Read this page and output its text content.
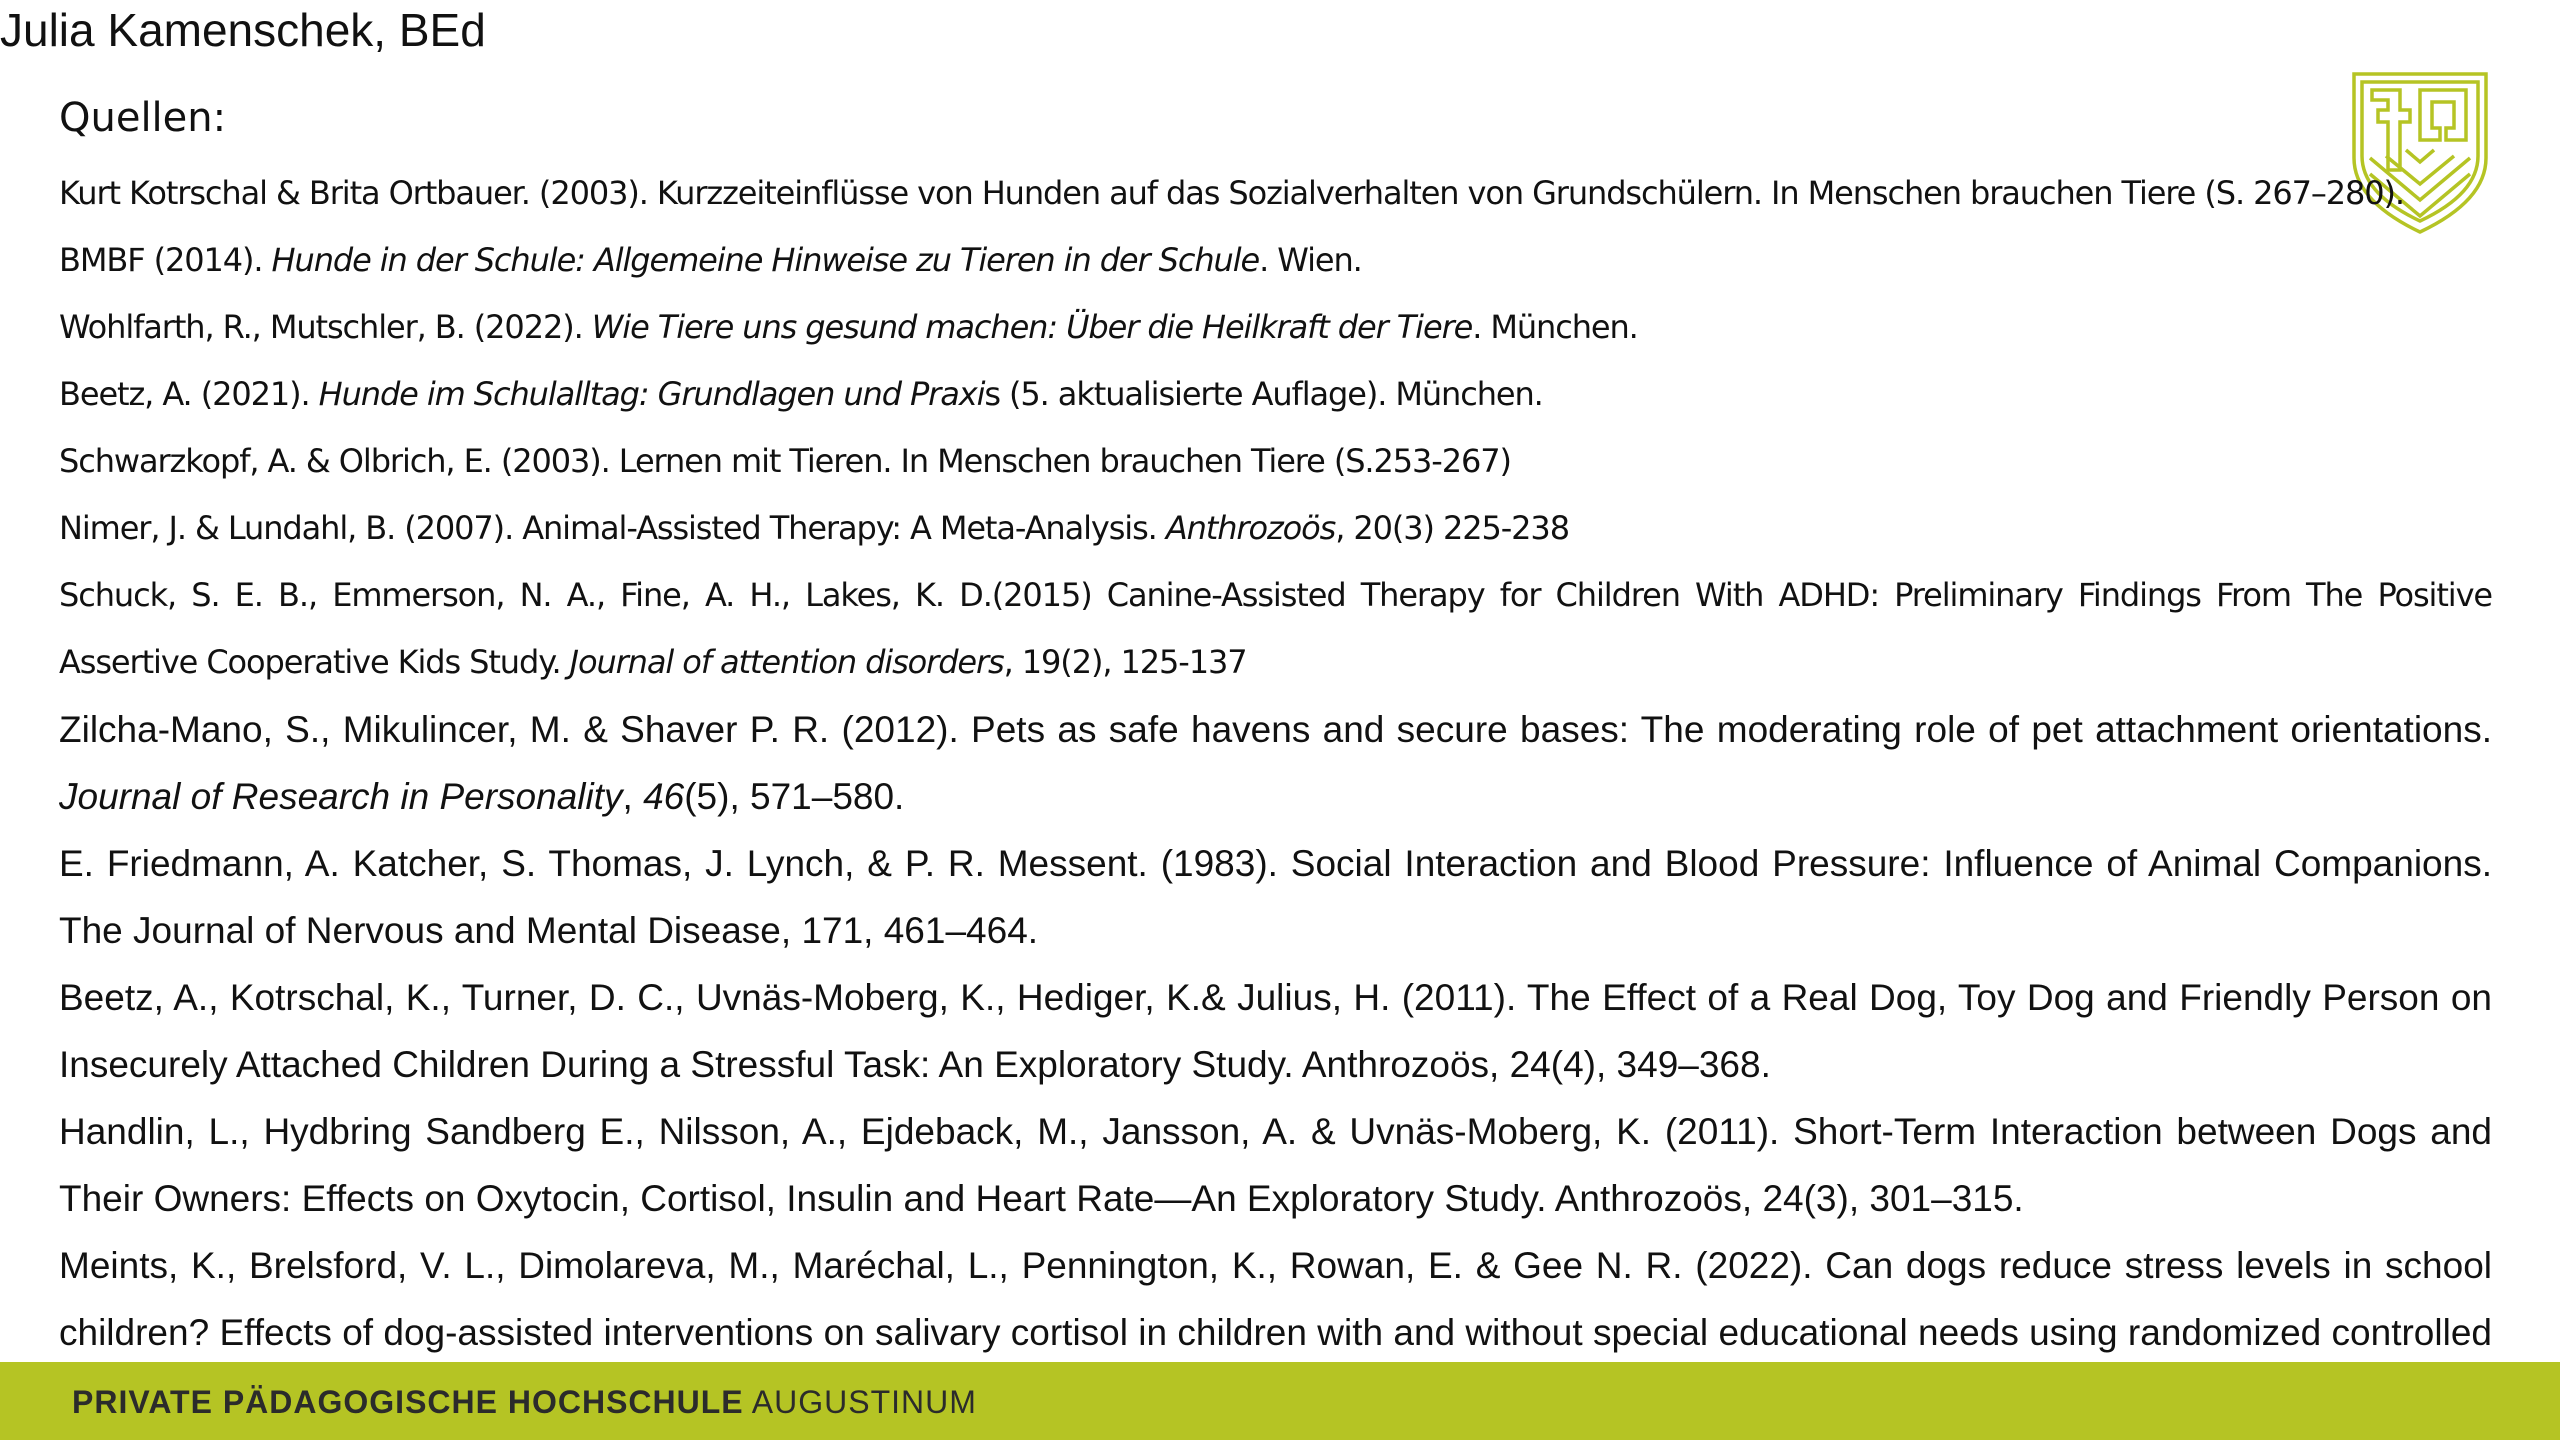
Julia Kamenschek, BEd
Quellen:

Kurt Kotrschal & Brita Ortbauer. (2003). Kurzzeiteinflüsse von Hunden auf das Sozialverhalten von Grundschülern. In Menschen brauchen Tiere (S. 267–280).

BMBF (2014). Hunde in der Schule: Allgemeine Hinweise zu Tieren in der Schule. Wien.

Wohlfarth, R., Mutschler, B. (2022). Wie Tiere uns gesund machen: Über die Heilkraft der Tiere. München.

Beetz, A. (2021). Hunde im Schulalltag: Grundlagen und Praxis (5. aktualisierte Auflage). München.

Schwarzkopf, A. & Olbrich, E. (2003). Lernen mit Tieren. In Menschen brauchen Tiere (S.253-267)

Nimer, J. & Lundahl, B. (2007). Animal-Assisted Therapy: A Meta-Analysis. Anthrozoös, 20(3) 225-238

Schuck, S. E. B., Emmerson, N. A., Fine, A. H., Lakes, K. D.(2015) Canine-Assisted Therapy for Children With ADHD: Preliminary Findings From The Positive Assertive Cooperative Kids Study. Journal of attention disorders, 19(2), 125-137

Zilcha-Mano, S., Mikulincer, M. & Shaver P. R. (2012). Pets as safe havens and secure bases: The moderating role of pet attachment orientations. Journal of Research in Personality, 46(5), 571–580.

E. Friedmann, A. Katcher, S. Thomas, J. Lynch, & P. R. Messent. (1983). Social Interaction and Blood Pressure: Influence of Animal Companions. The Journal of Nervous and Mental Disease, 171, 461–464.

Beetz, A., Kotrschal, K., Turner, D. C., Uvnäs-Moberg, K., Hediger, K.& Julius, H. (2011). The Effect of a Real Dog, Toy Dog and Friendly Person on Insecurely Attached Children During a Stressful Task: An Exploratory Study. Anthrozoös, 24(4), 349–368.

Handlin, L., Hydbring Sandberg E., Nilsson, A., Ejdeback, M., Jansson, A. & Uvnäs-Moberg, K. (2011). Short-Term Interaction between Dogs and Their Owners: Effects on Oxytocin, Cortisol, Insulin and Heart Rate—An Exploratory Study. Anthrozoös, 24(3), 301–315.

Meints, K., Brelsford, V. L., Dimolareva, M., Maréchal, L., Pennington, K., Rowan, E. & Gee N. R. (2022). Can dogs reduce stress levels in school children? Effects of dog-assisted interventions on salivary cortisol in children with and without special educational needs using randomized controlled

PRIVATE PÄDAGOGISCHE HOCHSCHULE AUGUSTINUM
